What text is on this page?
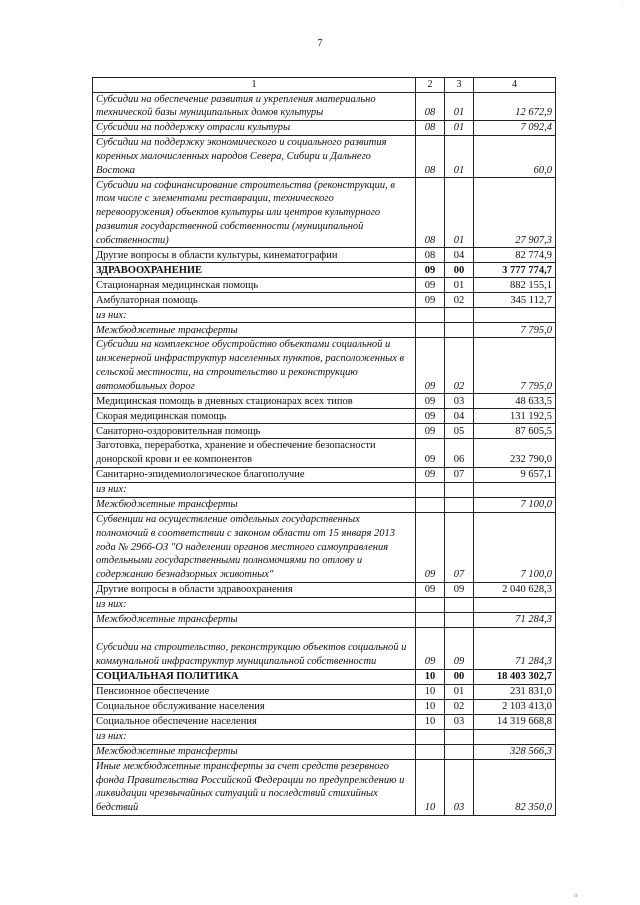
7
.
ır
1	2	3	4
Субсидии на обеспечение развития и укрепления материально технической базы муниципальных домов культуры	08	01	12 672,9
Субсидии на поддержку отрасли культуры	08	01	7 092,4
Субсидии на поддержку экономического и социального развития коренных малочисленных народов Севера, Сибири и Дальнего Востока	08	01	60,0
Субсидии на софинансирование строительства (реконструкции, в том числе с элементами реставрации, технического перевооружения) объектов культуры или центров культурного развития государственной собственности (муниципальной собственности)	08	01	27 907,3
Другие вопросы в области культуры, кинематографии	08	04	82 774,9
ЗДРАВООХРАНЕНИЕ	09	00	3 777 774,7
Стационарная медицинская помощь	09	01	882 155,1
Амбулаторная помощь	09	02	345 112,7
из них:			
Межбюджетные трансферты			7 795,0
Субсидии на комплексное обустройство объектами социальной и инженерной инфраструктур населенных пунктов, расположенных в сельской местности, на строительство и реконструкцию автомобильных дорог	09	02	7 795,0
Медицинская помощь в дневных стационарах всех типов	09	03	48 633,5
Скорая медицинская помощь	09	04	131 192,5
Санаторно-оздоровительная помощь	09	05	87 605,5
Заготовка, переработка, хранение и обеспечение безопасности донорской крови и ее компонентов	09	06	232 790,0
Санитарно-эпидемиологическое благополучие	09	07	9 657,1
из них:			
Межбюджетные трансферты			7 100,0
Субвенции на осуществление отдельных государственных полномочий в соответствии с законом области от 15 января 2013 года № 2966-ОЗ "О наделении органов местного самоуправления отдельными государственными полномочиями по отлову и содержанию безнадзорных животных"	09	07	7 100,0
Другие вопросы в области здравоохранения	09	09	2 040 628,3
из них:			
Межбюджетные трансферты			71 284,3
Субсидии на строительство, реконструкцию объектов социальной и коммунальной инфраструктур муниципальной собственности	09	09	71 284,3
СОЦИАЛЬНАЯ ПОЛИТИКА	10	00	18 403 302,7
Пенсионное обеспечение	10	01	231 831,0
Социальное обслуживание населения	10	02	2 103 413,0
Социальное обеспечение населения	10	03	14 319 668,8
из них:			
Межбюджетные трансферты			328 566,3
Иные межбюджетные трансферты за счет средств резервного фонда Правительства Российской Федерации по предупреждению и ликвидации чрезвычайных ситуаций и последствий стихийных бедствий	10	03	82 350,0
